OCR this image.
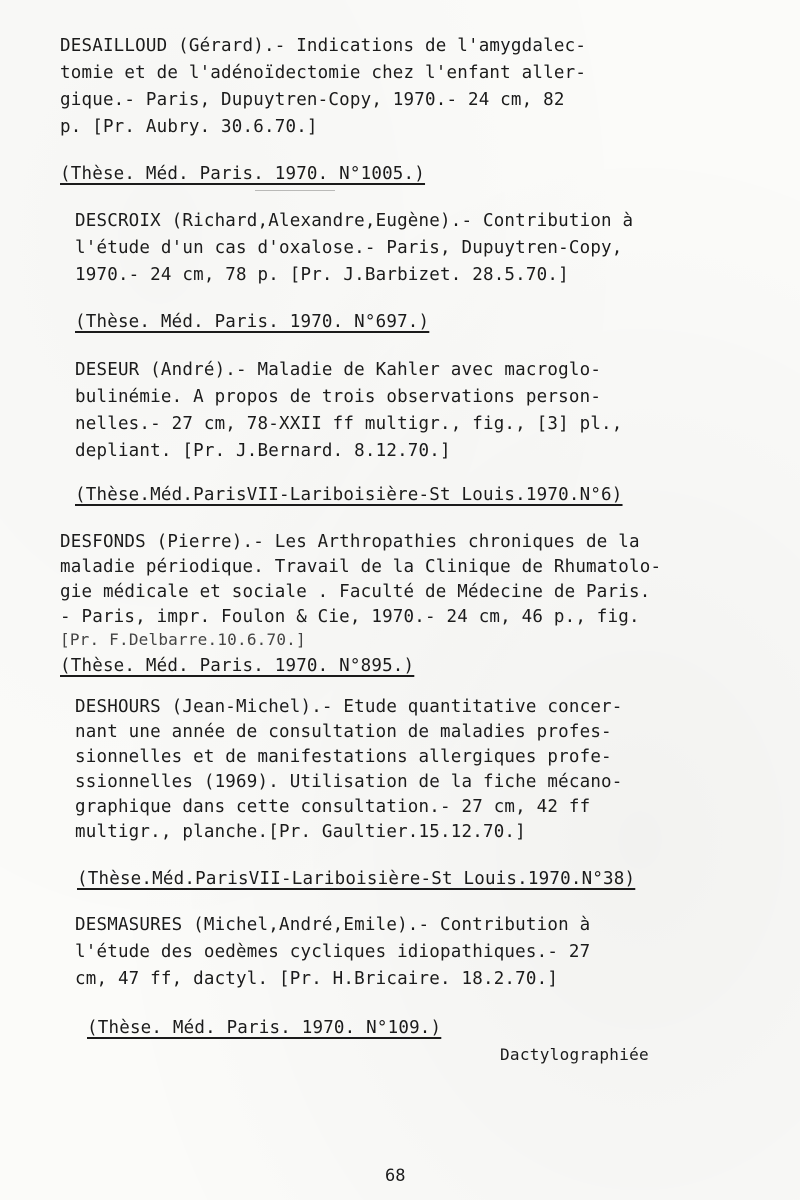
DESAILLOUD (Gérard).- Indications de l'amygdalec-
tomie et de l'adénoïdectomie chez l'enfant aller-
gique.- Paris, Dupuytren-Copy, 1970.- 24 cm, 82
p. [Pr. Aubry. 30.6.70.]
(Thèse. Méd. Paris. 1970. N°1005.)
DESCROIX (Richard,Alexandre,Eugène).- Contribution à
l'étude d'un cas d'oxalose.- Paris, Dupuytren-Copy,
1970.- 24 cm, 78 p. [Pr. J.Barbizet. 28.5.70.]
(Thèse. Méd. Paris. 1970. N°697.)
DESEUR (André).- Maladie de Kahler avec macroglo-
bulinémie. A propos de trois observations person-
nelles.- 27 cm, 78-XXII ff multigr., fig., [3] pl.,
depliant. [Pr. J.Bernard. 8.12.70.]
(Thèse.Méd.ParisVII-Lariboisière-St Louis.1970.N°6)
DESFONDS (Pierre).- Les Arthropathies chroniques de la
maladie périodique. Travail de la Clinique de Rhumatolo-
gie médicale et sociale . Faculté de Médecine de Paris.
- Paris, impr. Foulon & Cie, 1970.- 24 cm, 46 p., fig.
[Pr. F.Delbarre.10.6.70.]
(Thèse. Méd. Paris. 1970. N°895.)
DESHOURS (Jean-Michel).- Etude quantitative concer-
nant une année de consultation de maladies profes-
sionnelles et de manifestations allergiques profe-
ssionnelles (1969). Utilisation de la fiche mécano-
graphique dans cette consultation.- 27 cm, 42 ff
multigr., planche.[Pr. Gaultier.15.12.70.]
(Thèse.Méd.ParisVII-Lariboisière-St Louis.1970.N°38)
DESMASURES (Michel,André,Emile).- Contribution à
l'étude des oedèmes cycliques idiopathiques.- 27
cm, 47 ff, dactyl. [Pr. H.Bricaire. 18.2.70.]
(Thèse. Méd. Paris. 1970. N°109.)
Dactylographiée
68
